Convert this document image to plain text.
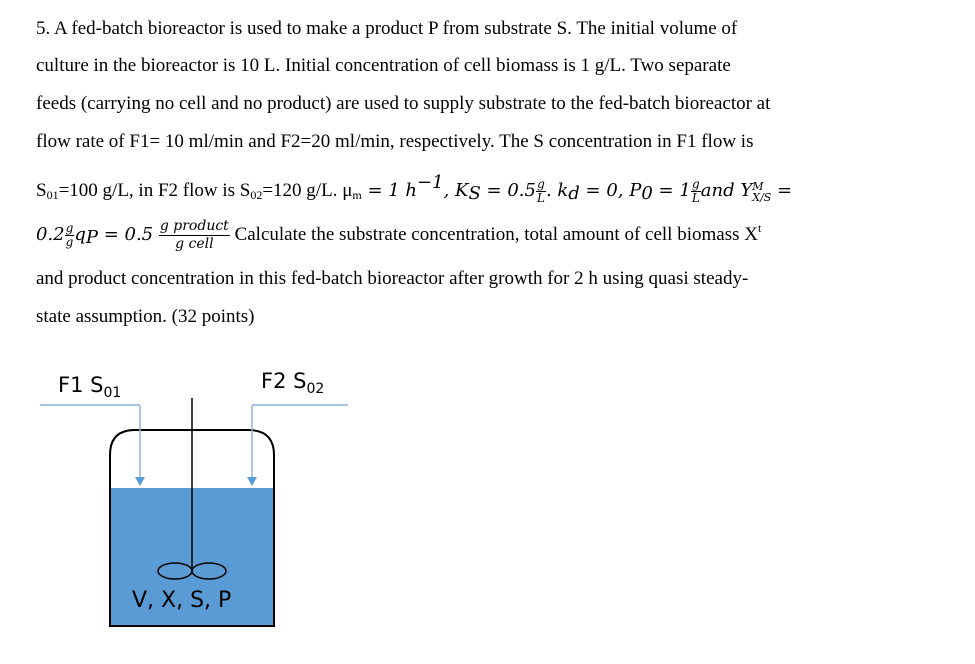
5. A fed-batch bioreactor is used to make a product P from substrate S. The initial volume of
culture in the bioreactor is 10 L. Initial concentration of cell biomass is 1 g/L. Two separate
feeds (carrying no cell and no product) are used to supply substrate to the fed-batch bioreactor at
flow rate of F1= 10 ml/min and F2=20 ml/min, respectively. The S concentration in F1 flow is
$S_{01}=100$ g/L, in F2 flow is $S_{02}=120$ g/L. $\mu_m = 1$ h−1, KS = $0.5 \frac{g}{L}$ . kd = 0, $P0 = 1 \frac{g}{L}$ and Y M
X/S =
$0.2 \frac{g}{g}$ qP = $0.5 \frac{\text{g product}}{\text{g cell}}$ Calculate the substrate concentration, total amount of cell biomass $X^t$
and product concentration in this fed-batch bioreactor after growth for 2 h using quasi steady-
state assumption. (32 points)
F1 $S_{01}$	F2 $S_{02}$
V, X, S, P
